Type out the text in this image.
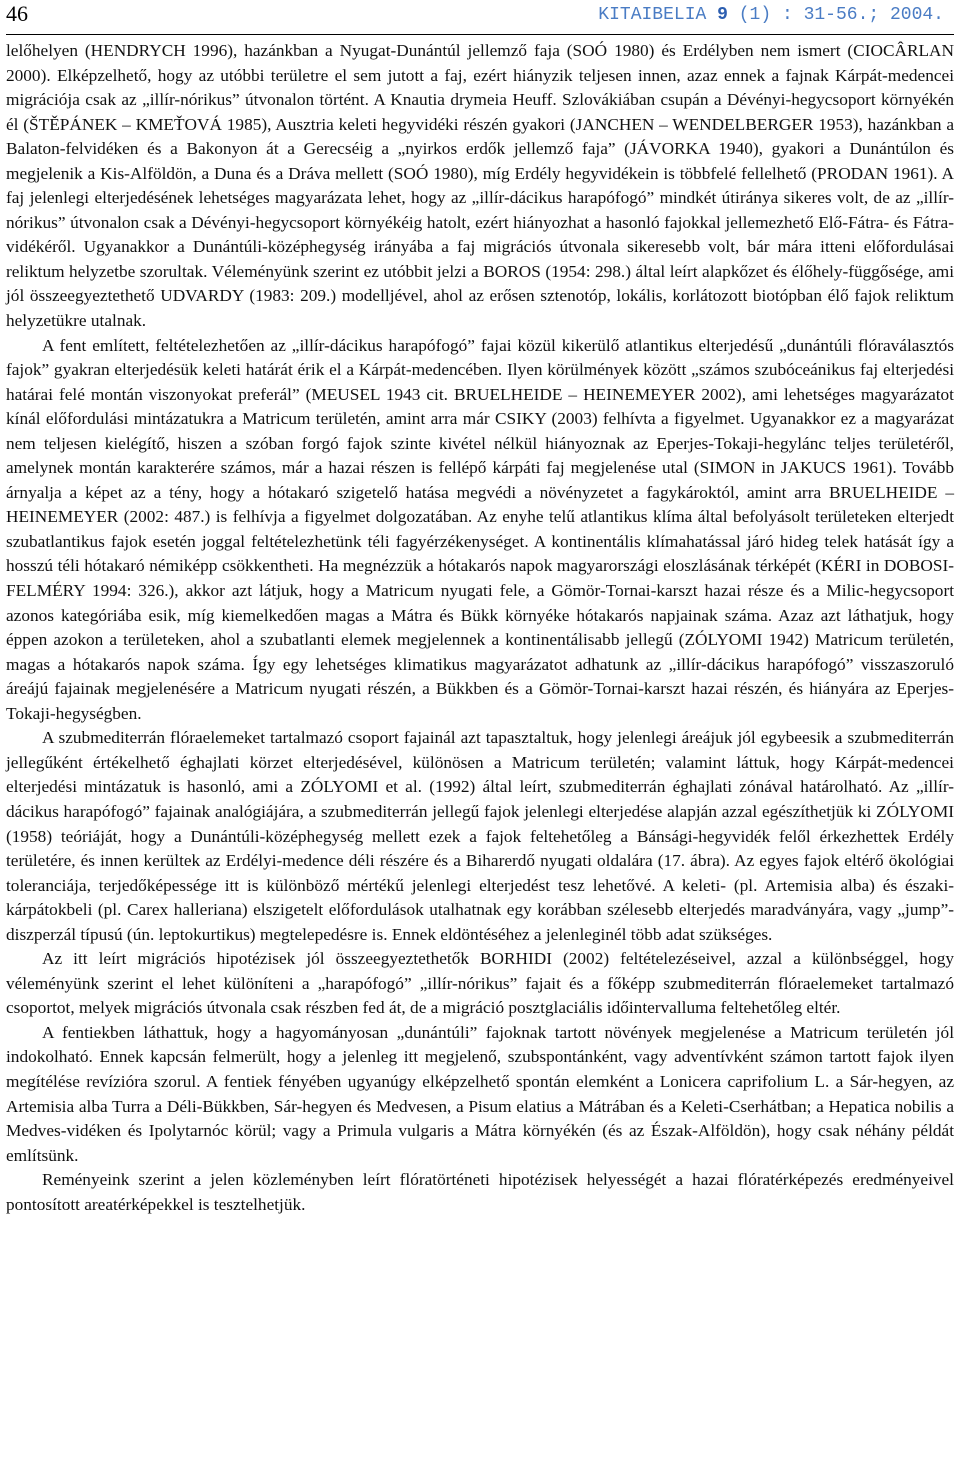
46	KITAIBELIA 9 (1) : 31-56.; 2004.

lelőhelyen (HENDRYCH 1996), hazánkban a Nyugat-Dunántúl jellemző faja (SOÓ 1980) és Erdélyben nem ismert (CIOCÂRLAN 2000). Elképzelhető, hogy az utóbbi területre el sem jutott a faj, ezért hiányzik teljesen innen, azaz ennek a fajnak Kárpát-medencei migrációja csak az „illír-nórikus” útvonalon történt. A Knautia drymeia Heuff. Szlovákiában csupán a Dévényi-hegycsoport környékén él (ŠTĚPÁNEK – KMEŤOVÁ 1985), Ausztria keleti hegyvidéki részén gyakori (JANCHEN – WENDELBERGER 1953), hazánkban a Balaton-felvidéken és a Bakonyon át a Gerecséig a „nyirkos erdők jellemző faja” (JÁVORKA 1940), gyakori a Dunántúlon és megjelenik a Kis-Alföldön, a Duna és a Dráva mellett (SOÓ 1980), míg Erdély hegyvidékein is többfelé fellelhető (PRODAN 1961). A faj jelenlegi elterjedésének lehetséges magyarázata lehet, hogy az „illír-dácikus harapófogó” mindkét útiránya sikeres volt, de az „illír-nórikus” útvonalon csak a Dévényi-hegycsoport környékéig hatolt, ezért hiányozhat a hasonló fajokkal jellemezhető Elő-Fátra- és Fátra-vidékéről. Ugyanakkor a Dunántúli-középhegység irányába a faj migrációs útvonala sikeresebb volt, bár mára itteni előfordulásai reliktum helyzetbe szorultak. Véleményünk szerint ez utóbbit jelzi a BOROS (1954: 298.) által leírt alapkőzet és élőhely-függősége, ami jól összeegyeztethető UDVARDY (1983: 209.) modelljével, ahol az erősen sztenotóp, lokális, korlátozott biotópban élő fajok reliktum helyzetükre utalnak.

A fent említett, feltételezhetően az „illír-dácikus harapófogó” fajai közül kikerülő atlantikus elterjedésű „dunántúli flóraválasztós fajok” gyakran elterjedésük keleti határát érik el a Kárpát-medencében. Ilyen körülmények között „számos szubóceánikus faj elterjedési határai felé montán viszonyokat preferál” (MEUSEL 1943 cit. BRUELHEIDE – HEINEMEYER 2002), ami lehetséges magyarázatot kínál előfordulási mintázatukra a Matricum területén, amint arra már CSIKY (2003) felhívta a figyelmet. Ugyanakkor ez a magyarázat nem teljesen kielégítő, hiszen a szóban forgó fajok szinte kivétel nélkül hiányoznak az Eperjes-Tokaji-hegylánc teljes területéről, amelynek montán karakterére számos, már a hazai részen is fellépő kárpáti faj megjelenése utal (SIMON in JAKUCS 1961). Tovább árnyalja a képet az a tény, hogy a hótakaró szigetelő hatása megvédi a növényzetet a fagykároktól, amint arra BRUELHEIDE – HEINEMEYER (2002: 487.) is felhívja a figyelmet dolgozatában. Az enyhe telű atlantikus klíma által befolyásolt területeken elterjedt szubatlantikus fajok esetén joggal feltételezhetünk téli fagyérzékenységet. A kontinentális klímahatással járó hideg telek hatását így a hosszú téli hótakaró némiképp csökkentheti. Ha megnézzük a hótakarós napok magyarországi eloszlásának térképét (KÉRI in DOBOSI-FELMÉRY 1994: 326.), akkor azt látjuk, hogy a Matricum nyugati fele, a Gömör-Tornai-karszt hazai része és a Milic-hegycsoport azonos kategóriába esik, míg kiemelkedően magas a Mátra és Bükk környéke hótakarós napjainak száma. Azaz azt láthatjuk, hogy éppen azokon a területeken, ahol a szubatlanti elemek megjelennek a kontinentálisabb jellegű (ZÓLYOMI 1942) Matricum területén, magas a hótakarós napok száma. Így egy lehetséges klimatikus magyarázatot adhatunk az „illír-dácikus harapófogó” visszaszoruló áreájú fajainak megjelenésére a Matricum nyugati részén, a Bükkben és a Gömör-Tornai-karszt hazai részén, és hiányára az Eperjes-Tokaji-hegységben.

A szubmediterrán flóraelemeket tartalmazó csoport fajainál azt tapasztaltuk, hogy jelenlegi áreájuk jól egybeesik a szubmediterrán jellegűként értékelhető éghajlati körzet elterjedésével, különösen a Matricum területén; valamint láttuk, hogy Kárpát-medencei elterjedési mintázatuk is hasonló, ami a ZÓLYOMI et al. (1992) által leírt, szubmediterrán éghajlati zónával határolható. Az „illír-dácikus harapófogó” fajainak analógiájára, a szubmediterrán jellegű fajok jelenlegi elterjedése alapján azzal egészíthetjük ki ZÓLYOMI (1958) teóriáját, hogy a Dunántúli-középhegység mellett ezek a fajok feltehetőleg a Bánsági-hegyvidék felől érkezhettek Erdély területére, és innen kerültek az Erdélyi-medence déli részére és a Biharerdő nyugati oldalára (17. ábra). Az egyes fajok eltérő ökológiai toleranciája, terjedőképessége itt is különböző mértékű jelenlegi elterjedést tesz lehetővé. A keleti- (pl. Artemisia alba) és északi-kárpátokbeli (pl. Carex halleriana) elszigetelt előfordulások utalhatnak egy korábban szélesebb elterjedés maradványára, vagy „jump”-diszperzál típusú (ún. leptokurtikus) megtelepedésre is. Ennek eldöntéséhez a jelenleginél több adat szükséges.

Az itt leírt migrációs hipotézisek jól összeegyeztethetők BORHIDI (2002) feltételezéseivel, azzal a különbséggel, hogy véleményünk szerint el lehet különíteni a „harapófogó” „illír-nórikus” fajait és a főképp szubmediterrán flóraelemeket tartalmazó csoportot, melyek migrációs útvonala csak részben fed át, de a migráció posztglaciális időintervalluma feltehetőleg eltér.

A fentiekben láthattuk, hogy a hagyományosan „dunántúli” fajoknak tartott növények megjelenése a Matricum területén jól indokolható. Ennek kapcsán felmerült, hogy a jelenleg itt megjelenő, szubspontánként, vagy adventívként számon tartott fajok ilyen megítélése revízióra szorul. A fentiek fényében ugyanúgy elképzelhető spontán elemként a Lonicera caprifolium L. a Sár-hegyen, az Artemisia alba Turra a Déli-Bükkben, Sár-hegyen és Medvesen, a Pisum elatius a Mátrában és a Keleti-Cserhátban; a Hepatica nobilis a Medves-vidéken és Ipolytarnóc körül; vagy a Primula vulgaris a Mátra környékén (és az Észak-Alföldön), hogy csak néhány példát említsünk.

Reményeink szerint a jelen közleményben leírt flóratörténeti hipotézisek helyességét a hazai flóratérképezés eredményeivel pontosított areatérképekkel is tesztelhetjük.
